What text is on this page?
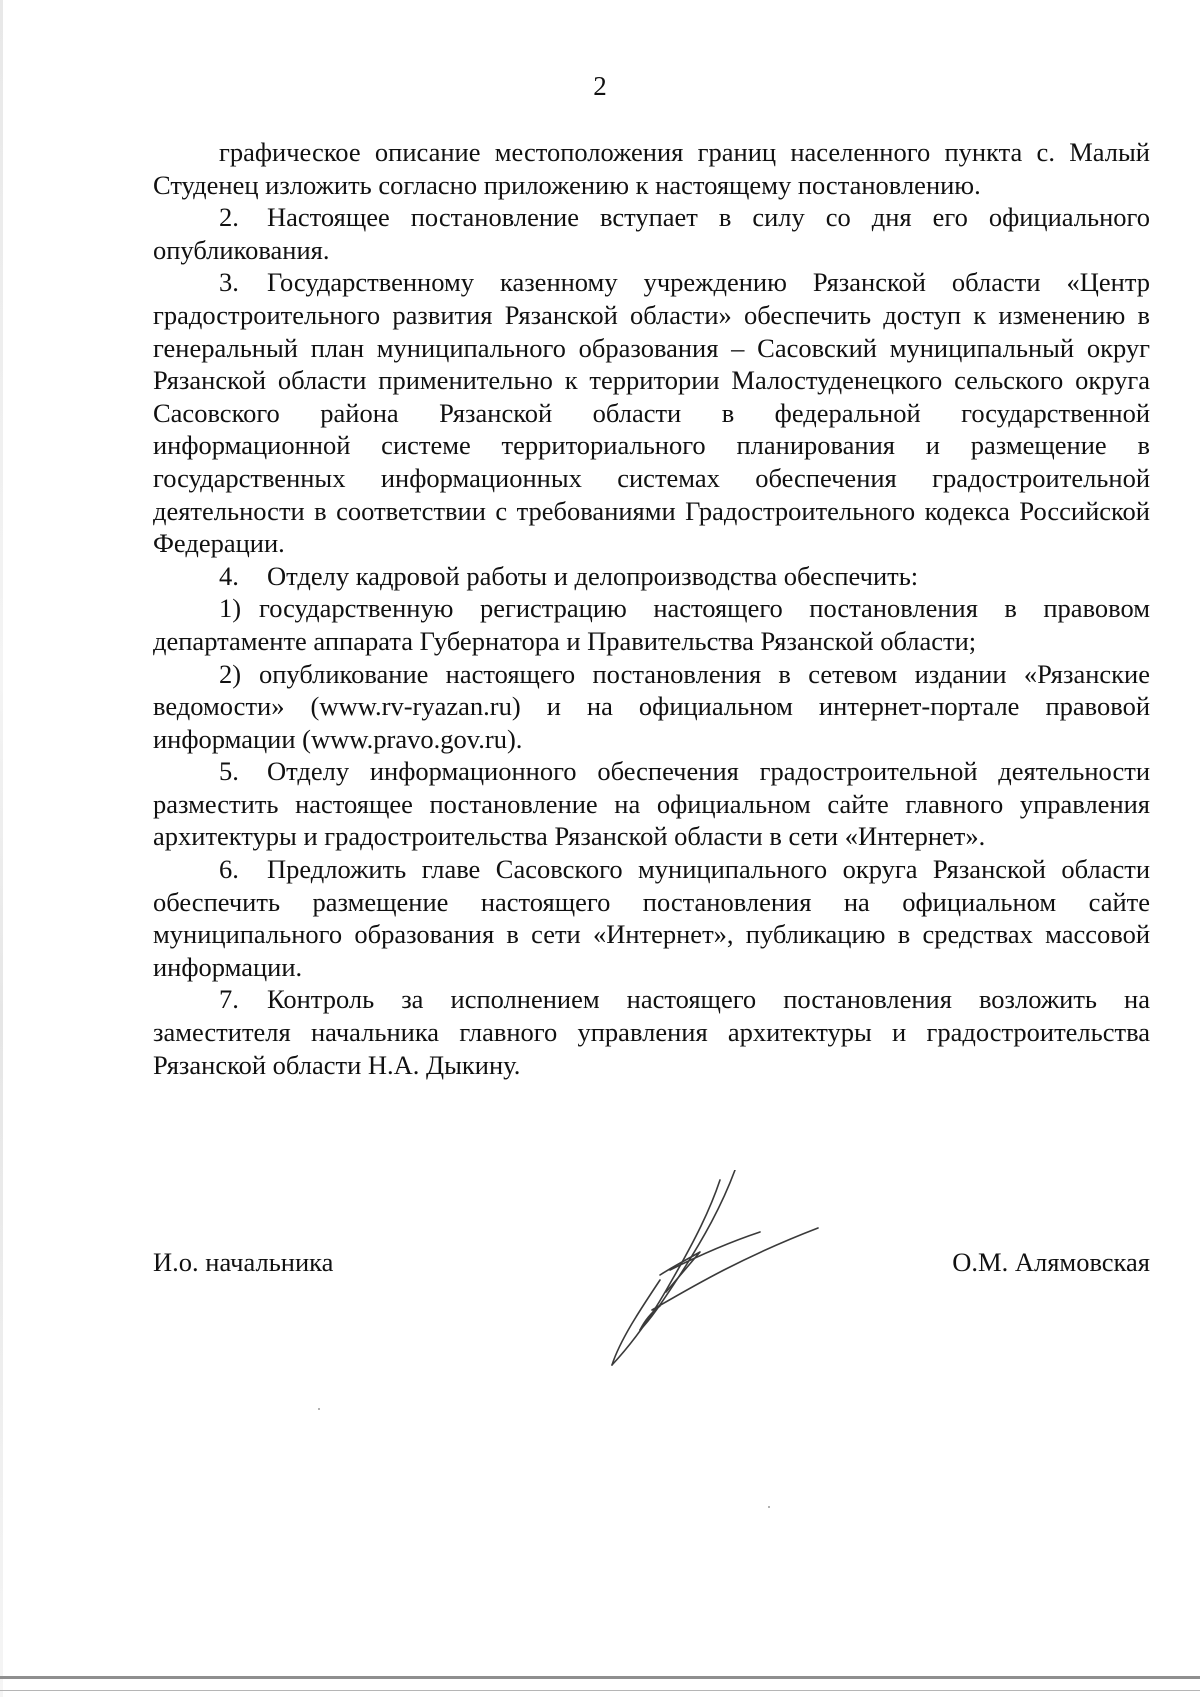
2

графическое описание местоположения границ населенного пункта с. Малый Студенец изложить согласно приложению к настоящему постановлению.

2. Настоящее постановление вступает в силу со дня его официального опубликования.

3. Государственному казенному учреждению Рязанской области «Центр градостроительного развития Рязанской области» обеспечить доступ к изменению в генеральный план муниципального образования – Сасовский муниципальный округ Рязанской области применительно к территории Малостуденецкого сельского округа Сасовского района Рязанской области в федеральной государственной информационной системе территориального планирования и размещение в государственных информационных системах обеспечения градостроительной деятельности в соответствии с требованиями Градостроительного кодекса Российской Федерации.

4. Отделу кадровой работы и делопроизводства обеспечить:

1) государственную регистрацию настоящего постановления в правовом департаменте аппарата Губернатора и Правительства Рязанской области;

2) опубликование настоящего постановления в сетевом издании «Рязанские ведомости» (www.rv-ryazan.ru) и на официальном интернет-портале правовой информации (www.pravo.gov.ru).

5. Отделу информационного обеспечения градостроительной деятельности разместить настоящее постановление на официальном сайте главного управления архитектуры и градостроительства Рязанской области в сети «Интернет».

6. Предложить главе Сасовского муниципального округа Рязанской области обеспечить размещение настоящего постановления на официальном сайте муниципального образования в сети «Интернет», публикацию в средствах массовой информации.

7. Контроль за исполнением настоящего постановления возложить на заместителя начальника главного управления архитектуры и градостроительства Рязанской области Н.А. Дыкину.

И.о. начальника	О.М. Алямовская
